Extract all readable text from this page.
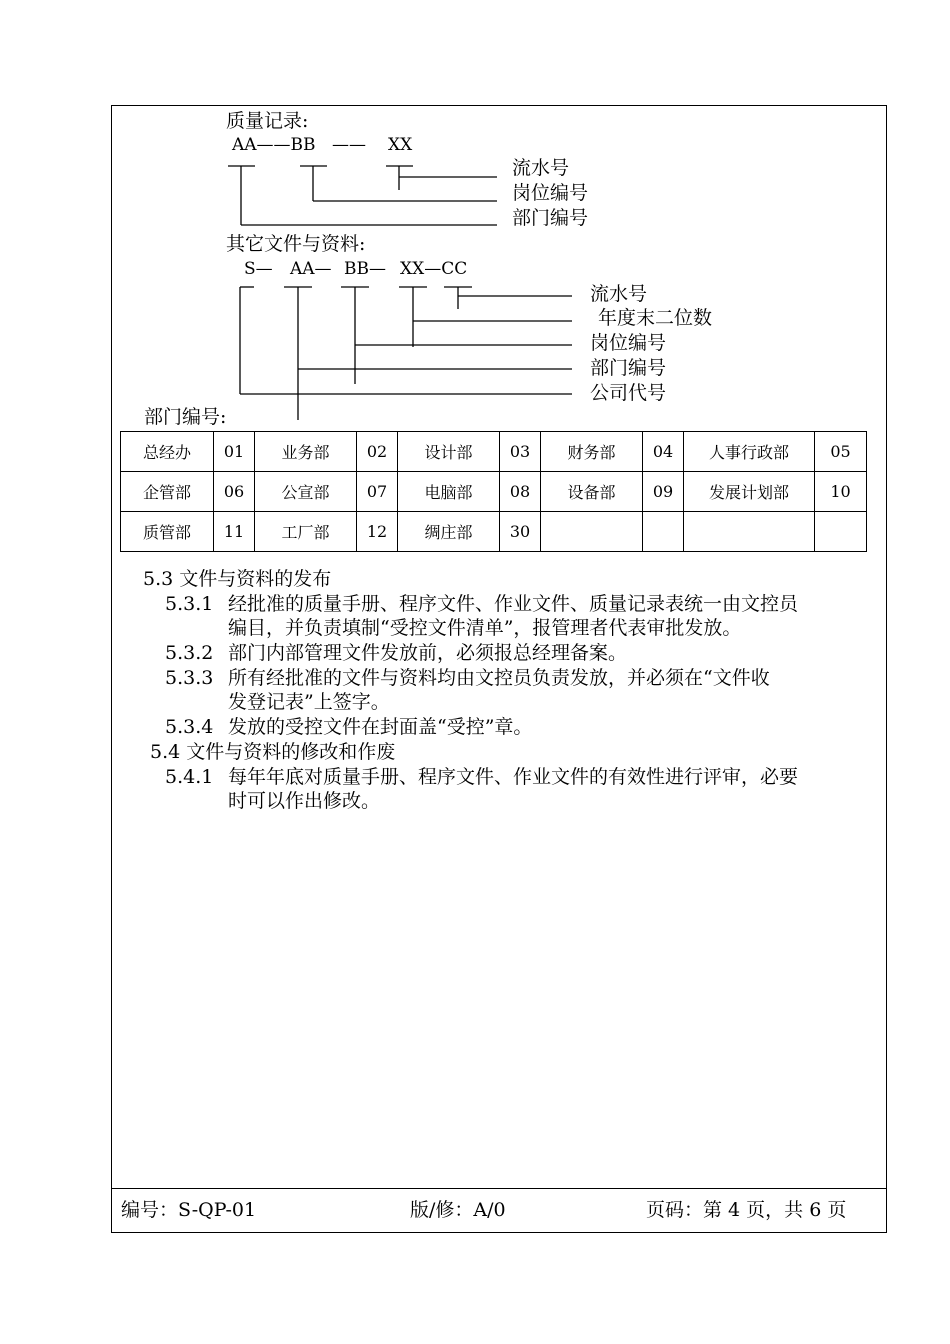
质量记录:
AA——BB —— XX
流水号
岗位编号
部门编号
其它文件与资料:
S— AA— BB— XX—CC
流水号
年度末二位数
岗位编号
部门编号
公司代号
部门编号:
总经办	01	业务部	02	设计部	03	财务部	04	人事行政部	05
企管部	06	公宣部	07	电脑部	08	设备部	09	发展计划部	10
质管部	11	工厂部	12	绸庄部	30				
5.3 文件与资料的发布
5.3.1 经批准的质量手册、程序文件、作业文件、质量记录表统一由文控员
编目，并负责填制“受控文件清单”，报管理者代表审批发放。
5.3.2 部门内部管理文件发放前，必须报总经理备案。
5.3.3 所有经批准的文件与资料均由文控员负责发放，并必须在“文件收
发登记表”上签字。
5.3.4 发放的受控文件在封面盖“受控”章。
5.4 文件与资料的修改和作废
5.4.1 每年年底对质量手册、程序文件、作业文件的有效性进行评审，必要
时可以作出修改。
编号：S-QP-01	版/修：A/0	页码：第 4 页，共 6 页
